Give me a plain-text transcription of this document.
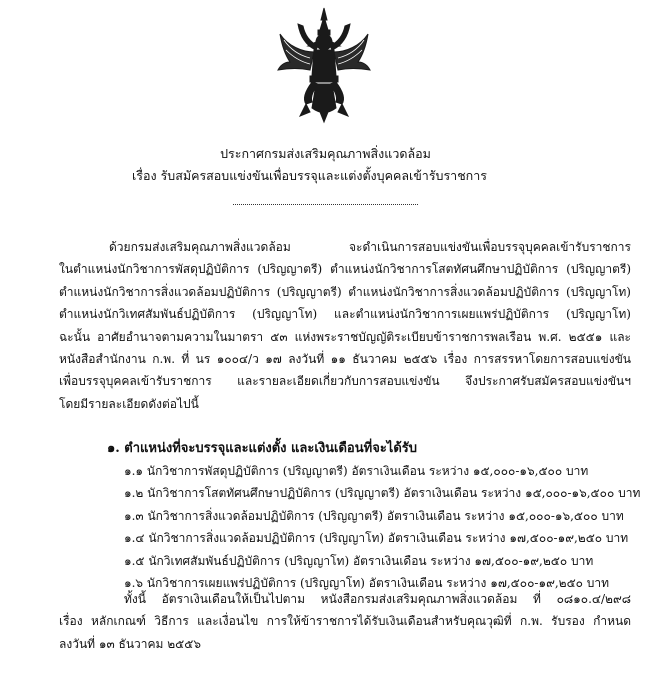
ประกาศกรมส่งเสริมคุณภาพสิ่งแวดล้อม
เรื่อง รับสมัครสอบแข่งขันเพื่อบรรจุและแต่งตั้งบุคคลเข้ารับราชการ
ด้วยกรมส่งเสริมคุณภาพสิ่งแวดล้อม จะดำเนินการสอบแข่งขันเพื่อบรรจุบุคคลเข้ารับราชการ
ในตำแหน่งนักวิชาการพัสดุปฏิบัติการ (ปริญญาตรี) ตำแหน่งนักวิชาการโสตทัศนศึกษาปฏิบัติการ (ปริญญาตรี)
ตำแหน่งนักวิชาการสิ่งแวดล้อมปฏิบัติการ (ปริญญาตรี) ตำแหน่งนักวิชาการสิ่งแวดล้อมปฏิบัติการ (ปริญญาโท)
ตำแหน่งนักวิเทศสัมพันธ์ปฏิบัติการ (ปริญญาโท) และตำแหน่งนักวิชาการเผยแพร่ปฏิบัติการ (ปริญญาโท)
ฉะนั้น อาศัยอำนาจตามความในมาตรา ๕๓ แห่งพระราชบัญญัติระเบียบข้าราชการพลเรือน พ.ศ. ๒๕๕๑ และ
หนังสือสำนักงาน ก.พ. ที่ นร ๑๐๐๔/ว ๑๗ ลงวันที่ ๑๑ ธันวาคม ๒๕๕๖ เรื่อง การสรรหาโดยการสอบแข่งขัน
เพื่อบรรจุบุคคลเข้ารับราชการ และรายละเอียดเกี่ยวกับการสอบแข่งขัน จึงประกาศรับสมัครสอบแข่งขันฯ
โดยมีรายละเอียดดังต่อไปนี้
๑. ตำแหน่งที่จะบรรจุและแต่งตั้ง และเงินเดือนที่จะได้รับ
๑.๑ นักวิชาการพัสดุปฏิบัติการ (ปริญญาตรี) อัตราเงินเดือน ระหว่าง ๑๕,๐๐๐-๑๖,๕๐๐ บาท
๑.๒ นักวิชาการโสตทัศนศึกษาปฏิบัติการ (ปริญญาตรี) อัตราเงินเดือน ระหว่าง ๑๕,๐๐๐-๑๖,๕๐๐ บาท
๑.๓ นักวิชาการสิ่งแวดล้อมปฏิบัติการ (ปริญญาตรี) อัตราเงินเดือน ระหว่าง ๑๕,๐๐๐-๑๖,๕๐๐ บาท
๑.๔ นักวิชาการสิ่งแวดล้อมปฏิบัติการ (ปริญญาโท) อัตราเงินเดือน ระหว่าง ๑๗,๕๐๐-๑๙,๒๕๐ บาท
๑.๕ นักวิเทศสัมพันธ์ปฏิบัติการ (ปริญญาโท) อัตราเงินเดือน ระหว่าง ๑๗,๕๐๐-๑๙,๒๕๐ บาท
๑.๖ นักวิชาการเผยแพร่ปฏิบัติการ (ปริญญาโท) อัตราเงินเดือน ระหว่าง ๑๗,๕๐๐-๑๙,๒๕๐ บาท
ทั้งนี้ อัตราเงินเดือนให้เป็นไปตาม หนังสือกรมส่งเสริมคุณภาพสิ่งแวดล้อม ที่ ๐๘๑๐.๔/๒๙๘
เรื่อง หลักเกณฑ์ วิธีการ และเงื่อนไข การให้ข้าราชการได้รับเงินเดือนสำหรับคุณวุฒิที่ ก.พ. รับรอง กำหนด
ลงวันที่ ๑๓ ธันวาคม ๒๕๕๖
